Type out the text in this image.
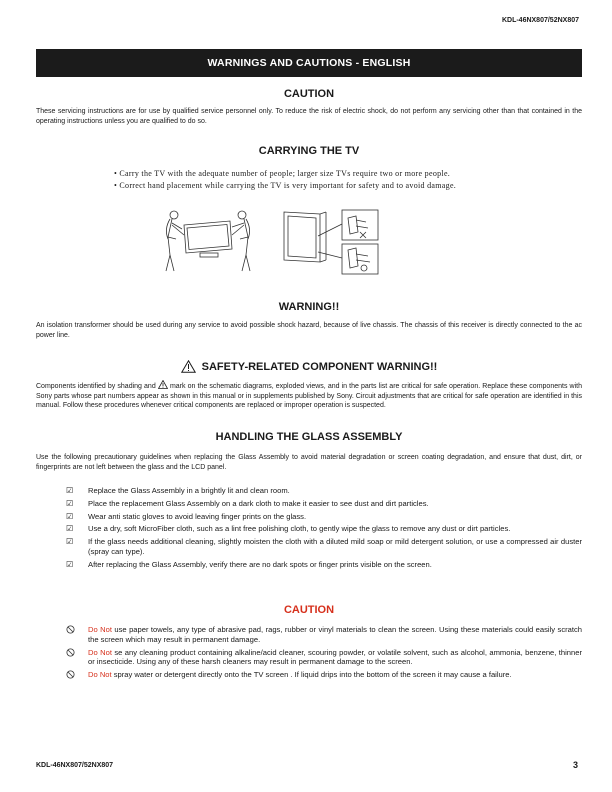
KDL-46NX807/52NX807
WARNINGS AND CAUTIONS - ENGLISH
CAUTION
These servicing instructions are for use by qualified service personnel only. To reduce the risk of electric shock, do not perform any servicing other than that contained in the operating instructions unless you are qualified to do so.
CARRYING THE TV
• Carry the TV with the adequate number of people; larger size TVs require two or more people.
• Correct hand placement while carrying the TV is very important for safety and to avoid damage.
WARNING!!
An isolation transformer should be used during any service to avoid possible shock hazard, because of live chassis. The chassis of this receiver is directly connected to the ac power line.
SAFETY-RELATED COMPONENT WARNING!!
Components identified by shading and mark on the schematic diagrams, exploded views, and in the parts list are critical for safe operation. Replace these components with Sony parts whose part numbers appear as shown in this manual or in supplements published by Sony. Circuit adjustments that are critical for safe operation are identified in this manual. Follow these procedures whenever critical components are replaced or improper operation is suspected.
HANDLING THE GLASS ASSEMBLY
Use the following precautionary guidelines when replacing the Glass Assembly to avoid material degradation or screen coating degradation, and ensure that dust, dirt, or fingerprints are not left between the glass and the LCD panel.
☑	Replace the Glass Assembly in a brightly lit and clean room.
☑	Place the replacement Glass Assembly on a dark cloth to make it easier to see dust and dirt particles.
☑	Wear anti static gloves to avoid leaving finger prints on the glass.
☑	Use a dry, soft MicroFiber cloth, such as a lint free polishing cloth, to gently wipe the glass to remove any dust or dirt particles.
☑	If the glass needs additional cleaning, slightly moisten the cloth with a diluted mild soap or mild detergent solution, or use a compressed air duster (spray can type).
☑	After replacing the Glass Assembly, verify there are no dark spots or finger prints visible on the screen.
CAUTION
Do Not use paper towels, any type of abrasive pad, rags, rubber or vinyl materials to clean the screen. Using these materials could easily scratch the screen which may result in permanent damage.
Do Not se any cleaning product containing alkaline/acid cleaner, scouring powder, or volatile solvent, such as alcohol, ammonia, benzene, thinner or insecticide. Using any of these harsh cleaners may result in permanent damage to the screen.
Do Not spray water or detergent directly onto the TV screen . If liquid drips into the bottom of the screen it may cause a failure.
KDL-46NX807/52NX807	3
